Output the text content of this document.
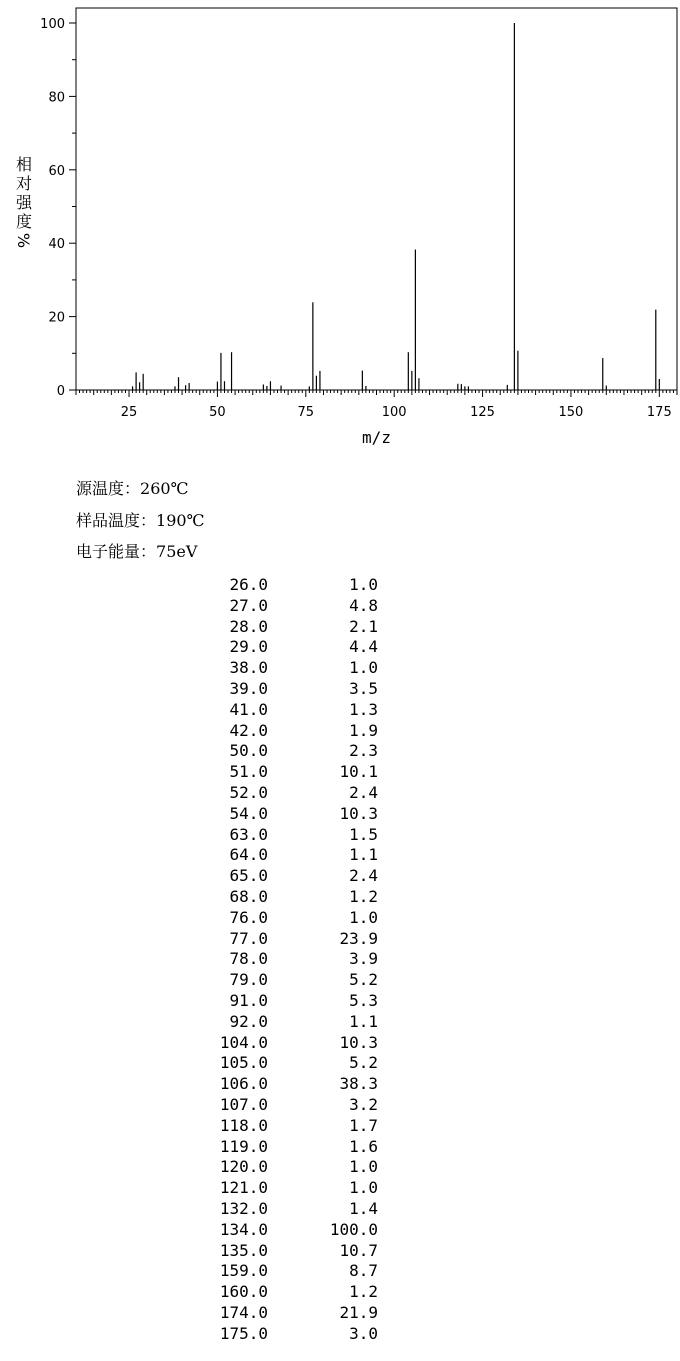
25	50	75	100	125	150	175
0
20
40
60
80
100
m/z
相
对
强
度
%
源温度：260℃
样品温度：190℃
电子能量：75eV
26.0	1.0
27.0	4.8
28.0	2.1
29.0	4.4
38.0	1.0
39.0	3.5
41.0	1.3
42.0	1.9
50.0	2.3
51.0	10.1
52.0	2.4
54.0	10.3
63.0	1.5
64.0	1.1
65.0	2.4
68.0	1.2
76.0	1.0
77.0	23.9
78.0	3.9
79.0	5.2
91.0	5.3
92.0	1.1
104.0	10.3
105.0	5.2
106.0	38.3
107.0	3.2
118.0	1.7
119.0	1.6
120.0	1.0
121.0	1.0
132.0	1.4
134.0	100.0
135.0	10.7
159.0	8.7
160.0	1.2
174.0	21.9
175.0	3.0
